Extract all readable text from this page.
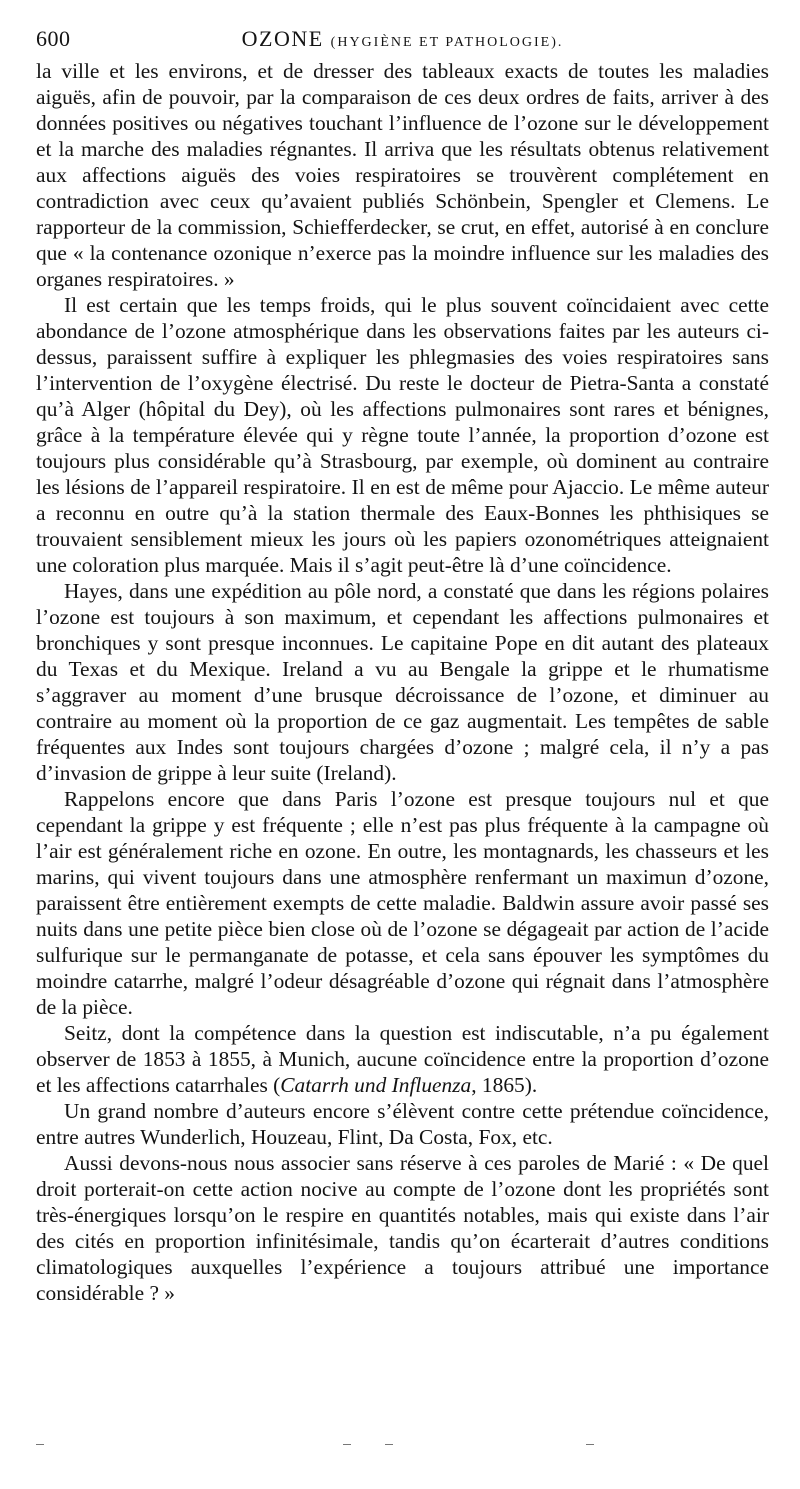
600	OZONE (HYGIÈNE ET PATHOLOGIE).

la ville et les environs, et de dresser des tableaux exacts de toutes les maladies aiguës, afin de pouvoir, par la comparaison de ces deux ordres de faits, arriver à des données positives ou négatives touchant l’influence de l’ozone sur le développement et la marche des maladies régnantes. Il arriva que les résultats obtenus relativement aux affections aiguës des voies respiratoires se trouvèrent complétement en contradiction avec ceux qu’avaient publiés Schönbein, Spengler et Clemens. Le rapporteur de la commission, Schiefferdecker, se crut, en effet, autorisé à en conclure que « la contenance ozonique n’exerce pas la moindre influence sur les maladies des organes respiratoires. »

Il est certain que les temps froids, qui le plus souvent coïncidaient avec cette abondance de l’ozone atmosphérique dans les observations faites par les auteurs ci-dessus, paraissent suffire à expliquer les phlegmasies des voies respiratoires sans l’intervention de l’oxygène électrisé. Du reste le docteur de Pietra-Santa a constaté qu’à Alger (hôpital du Dey), où les affections pulmonaires sont rares et bénignes, grâce à la température élevée qui y règne toute l’année, la proportion d’ozone est toujours plus considérable qu’à Strasbourg, par exemple, où dominent au contraire les lésions de l’appareil respiratoire. Il en est de même pour Ajaccio. Le même auteur a reconnu en outre qu’à la station thermale des Eaux-Bonnes les phthisiques se trouvaient sensiblement mieux les jours où les papiers ozonométriques atteignaient une coloration plus marquée. Mais il s’agit peut-être là d’une coïncidence.

Hayes, dans une expédition au pôle nord, a constaté que dans les régions polaires l’ozone est toujours à son maximum, et cependant les affections pulmonaires et bronchiques y sont presque inconnues. Le capitaine Pope en dit autant des plateaux du Texas et du Mexique. Ireland a vu au Bengale la grippe et le rhumatisme s’aggraver au moment d’une brusque décroissance de l’ozone, et diminuer au contraire au moment où la proportion de ce gaz augmentait. Les tempêtes de sable fréquentes aux Indes sont toujours chargées d’ozone ; malgré cela, il n’y a pas d’invasion de grippe à leur suite (Ireland).

Rappelons encore que dans Paris l’ozone est presque toujours nul et que cependant la grippe y est fréquente ; elle n’est pas plus fréquente à la campagne où l’air est généralement riche en ozone. En outre, les montagnards, les chasseurs et les marins, qui vivent toujours dans une atmosphère renfermant un maximun d’ozone, paraissent être entièrement exempts de cette maladie. Baldwin assure avoir passé ses nuits dans une petite pièce bien close où de l’ozone se dégageait par action de l’acide sulfurique sur le permanganate de potasse, et cela sans épouver les symptômes du moindre catarrhe, malgré l’odeur désagréable d’ozone qui régnait dans l’atmosphère de la pièce.

Seitz, dont la compétence dans la question est indiscutable, n’a pu également observer de 1853 à 1855, à Munich, aucune coïncidence entre la proportion d’ozone et les affections catarrhales (Catarrh und Influenza, 1865).

Un grand nombre d’auteurs encore s’élèvent contre cette prétendue coïncidence, entre autres Wunderlich, Houzeau, Flint, Da Costa, Fox, etc.

Aussi devons-nous nous associer sans réserve à ces paroles de Marié : « De quel droit porterait-on cette action nocive au compte de l’ozone dont les propriétés sont très-énergiques lorsqu’on le respire en quantités notables, mais qui existe dans l’air des cités en proportion infinitésimale, tandis qu’on écarterait d’autres conditions climatologiques auxquelles l’expérience a toujours attribué une importance considérable ? »
